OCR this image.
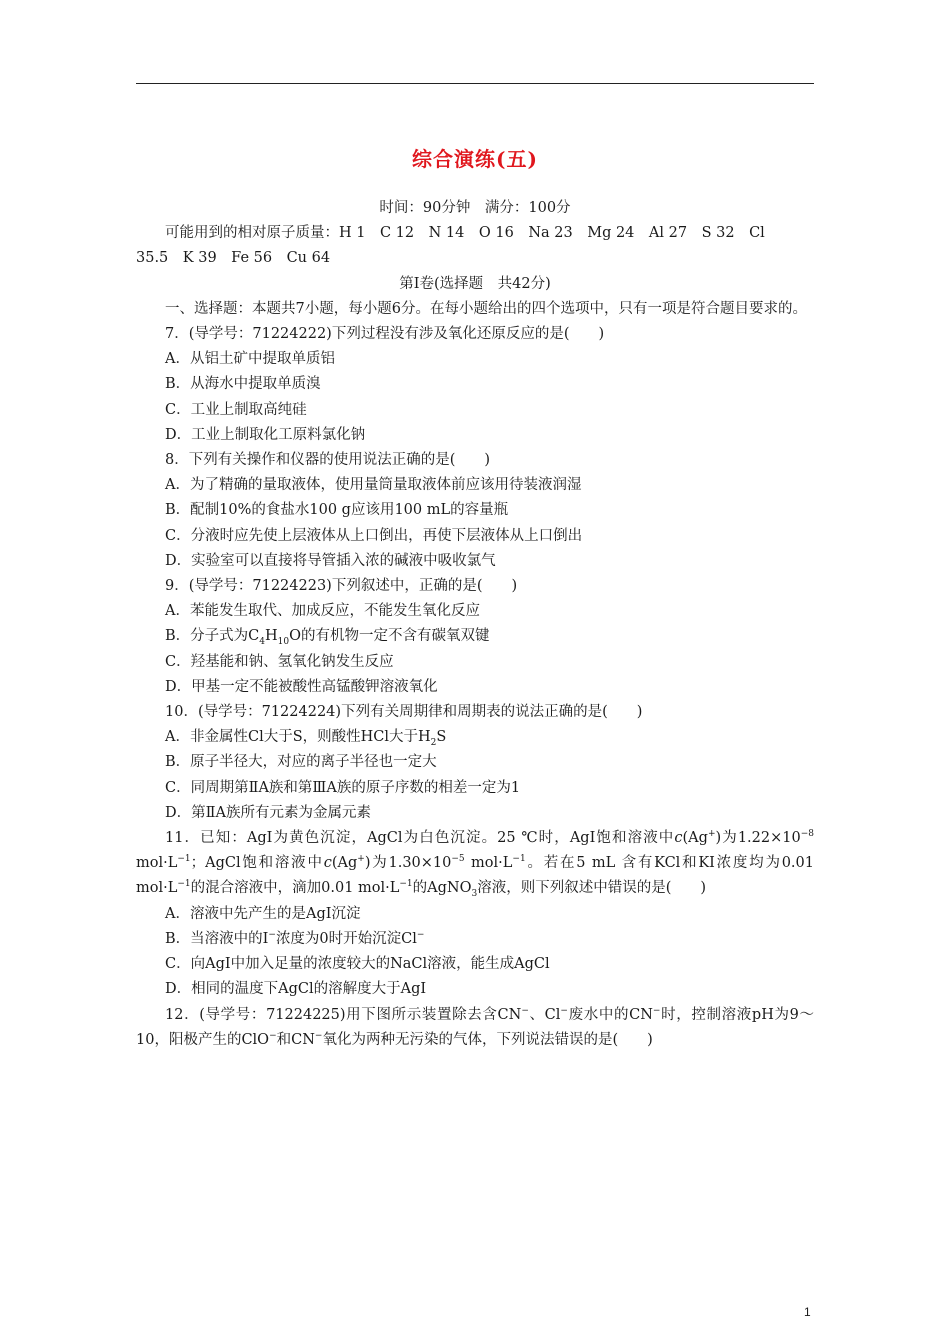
综合演练(五)
时间：90分钟　满分：100分
可能用到的相对原子质量：H 1　C 12　N 14　O 16　Na 23　Mg 24　Al 27　S 32　Cl
35.5　K 39　Fe 56　Cu 64
第Ⅰ卷(选择题　共42分)
一、选择题：本题共7小题，每小题6分。在每小题给出的四个选项中，只有一项是符合题目要求的。
7．(导学号：71224222)下列过程没有涉及氧化还原反应的是(　　)
A．从铝土矿中提取单质铝
B．从海水中提取单质溴
C．工业上制取高纯硅
D．工业上制取化工原料氯化钠
8．下列有关操作和仪器的使用说法正确的是(　　)
A．为了精确的量取液体，使用量筒量取液体前应该用待装液润湿
B．配制10%的食盐水100 g应该用100 mL的容量瓶
C．分液时应先使上层液体从上口倒出，再使下层液体从上口倒出
D．实验室可以直接将导管插入浓的碱液中吸收氯气
9．(导学号：71224223)下列叙述中，正确的是(　　)
A．苯能发生取代、加成反应，不能发生氧化反应
B．分子式为$C_4H_{10}O$的有机物一定不含有碳氧双键
C．羟基能和钠、氢氧化钠发生反应
D．甲基一定不能被酸性高锰酸钾溶液氧化
10．(导学号：71224224)下列有关周期律和周期表的说法正确的是(　　)
A．非金属性Cl大于S，则酸性HCl大于$H_2S$
B．原子半径大，对应的离子半径也一定大
C．同周期第ⅡA族和第ⅢA族的原子序数的相差一定为1
D．第ⅡA族所有元素为金属元素
11．已知：AgI为黄色沉淀，AgCl为白色沉淀。25 ℃时，AgI饱和溶液中c(Ag+)为$1.22\times 10^{-8}$ $mol\cdot L^{-1}$；AgCl饱和溶液中c(Ag+)为$1.30\times 10^{-5}$ $mol\cdot L^{-1}$。若在5 mL 含有KCl和KI浓度均为0.01 $mol\cdot L^{-1}$的混合溶液中，滴加0.01 $mol\cdot L^{-1}$的AgNO$_3$溶液，则下列叙述中错误的是(　　)
A．溶液中先产生的是AgI沉淀
B．当溶液中的I−浓度为0时开始沉淀Cl−
C．向AgI中加入足量的浓度较大的NaCl溶液，能生成AgCl
D．相同的温度下AgCl的溶解度大于AgI
12．(导学号：71224225)用下图所示装置除去含CN−、Cl−废水中的CN−时，控制溶液pH为9～10，阳极产生的ClO−和CN−氧化为两种无污染的气体，下列说法错误的是(　　)
1
